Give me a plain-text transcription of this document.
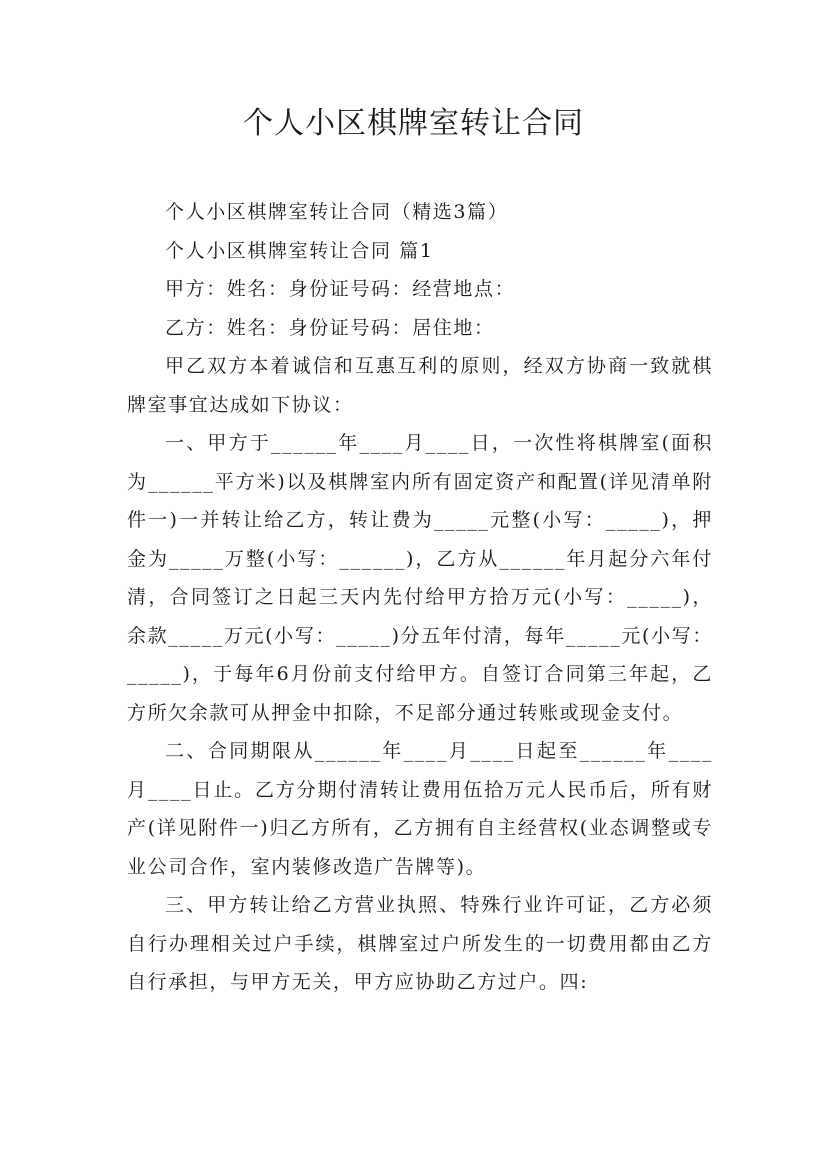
个人小区棋牌室转让合同

个人小区棋牌室转让合同（精选3篇）

个人小区棋牌室转让合同 篇1

甲方：姓名：身份证号码：经营地点：

乙方：姓名：身份证号码：居住地：

甲乙双方本着诚信和互惠互利的原则，经双方协商一致就棋牌室事宜达成如下协议：

一、甲方于______年____月____日，一次性将棋牌室(面积为______平方米)以及棋牌室内所有固定资产和配置(详见清单附件一)一并转让给乙方，转让费为_____元整(小写：_____)，押金为_____万整(小写：______)，乙方从______年月起分六年付清，合同签订之日起三天内先付给甲方拾万元(小写：_____)，余款_____万元(小写：_____)分五年付清，每年_____元(小写：_____)，于每年6月份前支付给甲方。自签订合同第三年起，乙方所欠余款可从押金中扣除，不足部分通过转账或现金支付。

二、合同期限从______年____月____日起至______年____月____日止。乙方分期付清转让费用伍拾万元人民币后，所有财产(详见附件一)归乙方所有，乙方拥有自主经营权(业态调整或专业公司合作，室内装修改造广告牌等)。

三、甲方转让给乙方营业执照、特殊行业许可证，乙方必须自行办理相关过户手续，棋牌室过户所发生的一切费用都由乙方自行承担，与甲方无关，甲方应协助乙方过户。四:
